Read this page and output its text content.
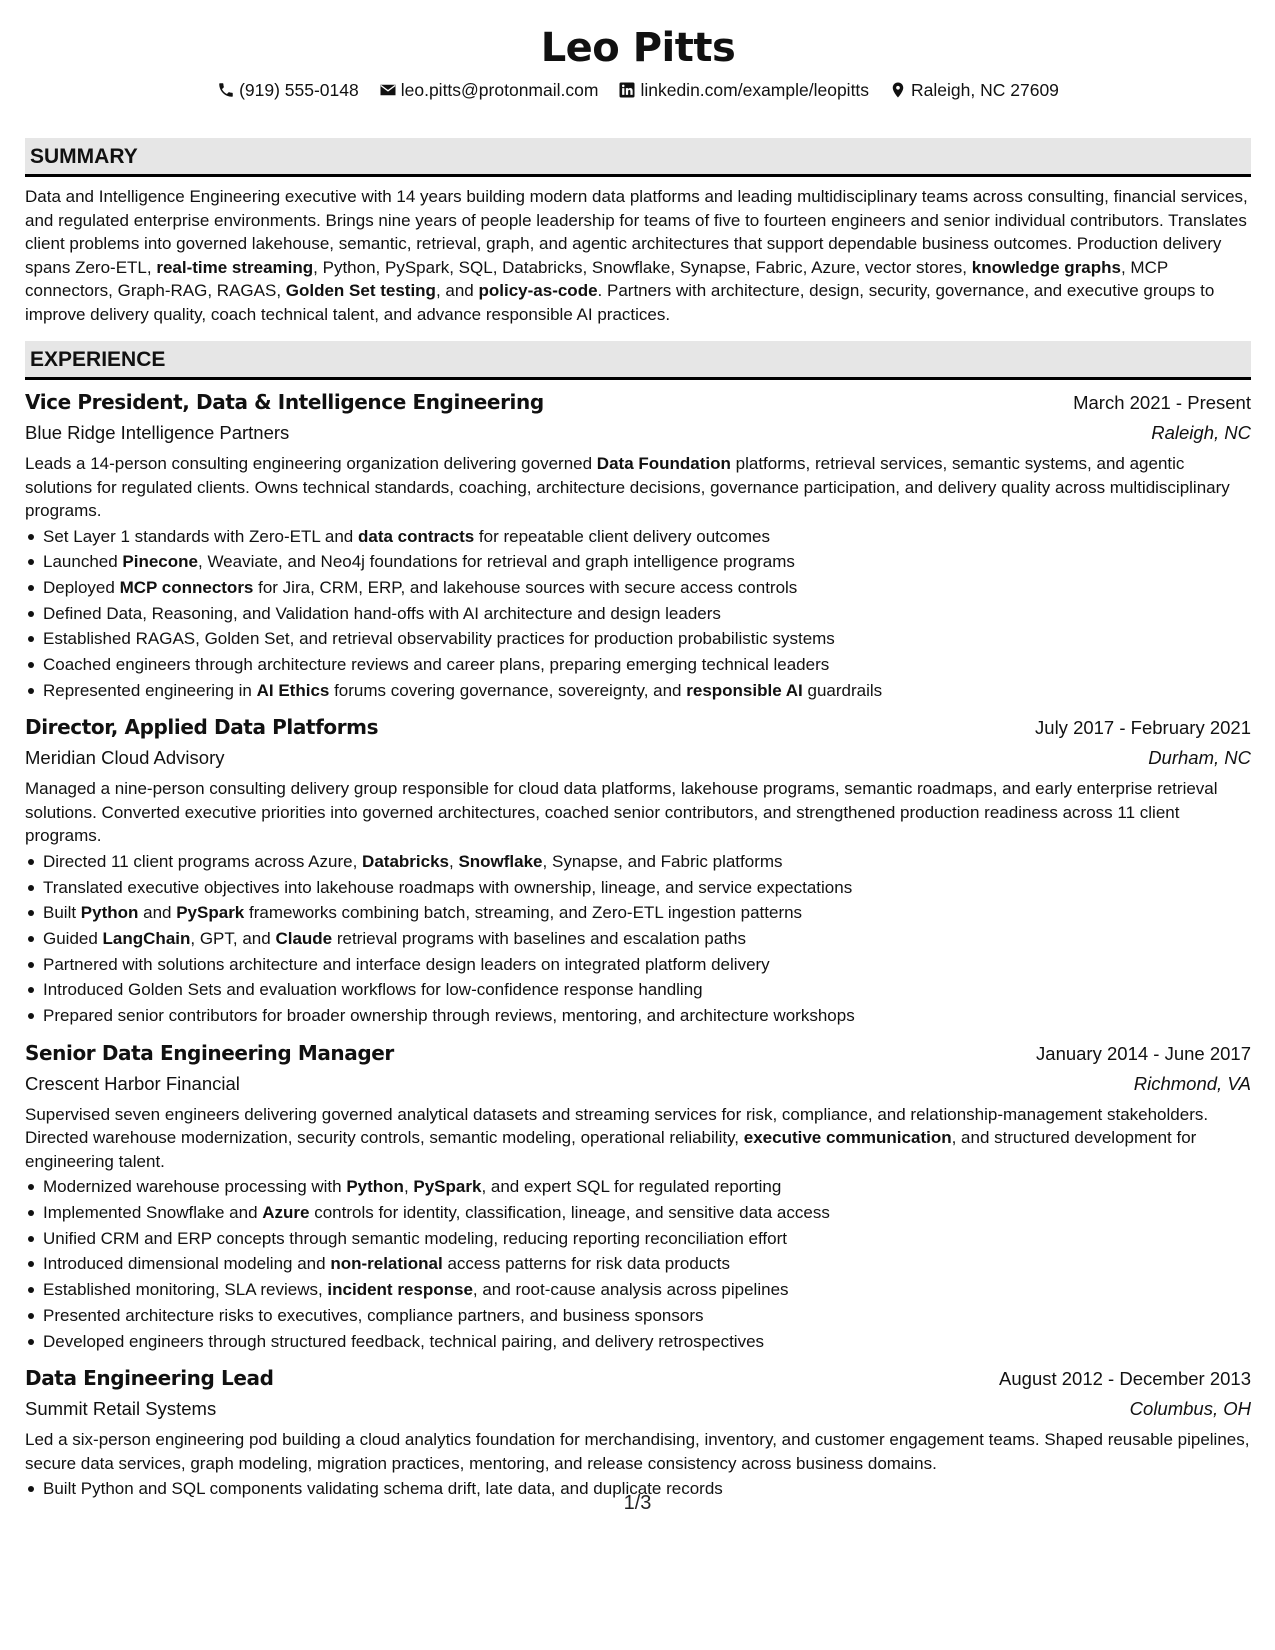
Leo Pitts
(919) 555-0148 leo.pitts@protonmail.com linkedin.com/example/leopitts Raleigh, NC 27609
SUMMARY

Data and Intelligence Engineering executive with 14 years building modern data platforms and leading multidisciplinary teams across consulting, financial services, and regulated enterprise environments. Brings nine years of people leadership for teams of five to fourteen engineers and senior individual contributors. Translates client problems into governed lakehouse, semantic, retrieval, graph, and agentic architectures that support dependable business outcomes. Production delivery spans Zero-ETL, real-time streaming, Python, PySpark, SQL, Databricks, Snowflake, Synapse, Fabric, Azure, vector stores, knowledge graphs, MCP connectors, Graph-RAG, RAGAS, Golden Set testing, and policy-as-code. Partners with architecture, design, security, governance, and executive groups to improve delivery quality, coach technical talent, and advance responsible AI practices.

EXPERIENCE
Vice President, Data & Intelligence Engineering	March 2021 - Present
Blue Ridge Intelligence Partners	Raleigh, NC

Leads a 14-person consulting engineering organization delivering governed Data Foundation platforms, retrieval services, semantic systems, and agentic solutions for regulated clients. Owns technical standards, coaching, architecture decisions, governance participation, and delivery quality across multidisciplinary programs.

Set Layer 1 standards with Zero-ETL and data contracts for repeatable client delivery outcomes
Launched Pinecone, Weaviate, and Neo4j foundations for retrieval and graph intelligence programs
Deployed MCP connectors for Jira, CRM, ERP, and lakehouse sources with secure access controls
Defined Data, Reasoning, and Validation hand-offs with AI architecture and design leaders
Established RAGAS, Golden Set, and retrieval observability practices for production probabilistic systems
Coached engineers through architecture reviews and career plans, preparing emerging technical leaders
Represented engineering in AI Ethics forums covering governance, sovereignty, and responsible AI guardrails
Director, Applied Data Platforms	July 2017 - February 2021
Meridian Cloud Advisory	Durham, NC

Managed a nine-person consulting delivery group responsible for cloud data platforms, lakehouse programs, semantic roadmaps, and early enterprise retrieval solutions. Converted executive priorities into governed architectures, coached senior contributors, and strengthened production readiness across 11 client programs.

Directed 11 client programs across Azure, Databricks, Snowflake, Synapse, and Fabric platforms
Translated executive objectives into lakehouse roadmaps with ownership, lineage, and service expectations
Built Python and PySpark frameworks combining batch, streaming, and Zero-ETL ingestion patterns
Guided LangChain, GPT, and Claude retrieval programs with baselines and escalation paths
Partnered with solutions architecture and interface design leaders on integrated platform delivery
Introduced Golden Sets and evaluation workflows for low-confidence response handling
Prepared senior contributors for broader ownership through reviews, mentoring, and architecture workshops
Senior Data Engineering Manager	January 2014 - June 2017
Crescent Harbor Financial	Richmond, VA

Supervised seven engineers delivering governed analytical datasets and streaming services for risk, compliance, and relationship-management stakeholders. Directed warehouse modernization, security controls, semantic modeling, operational reliability, executive communication, and structured development for engineering talent.

Modernized warehouse processing with Python, PySpark, and expert SQL for regulated reporting
Implemented Snowflake and Azure controls for identity, classification, lineage, and sensitive data access
Unified CRM and ERP concepts through semantic modeling, reducing reporting reconciliation effort
Introduced dimensional modeling and non-relational access patterns for risk data products
Established monitoring, SLA reviews, incident response, and root-cause analysis across pipelines
Presented architecture risks to executives, compliance partners, and business sponsors
Developed engineers through structured feedback, technical pairing, and delivery retrospectives
Data Engineering Lead	August 2012 - December 2013
Summit Retail Systems	Columbus, OH

Led a six-person engineering pod building a cloud analytics foundation for merchandising, inventory, and customer engagement teams. Shaped reusable pipelines, secure data services, graph modeling, migration practices, mentoring, and release consistency across business domains.

Built Python and SQL components validating schema drift, late data, and duplicate records
1/3
